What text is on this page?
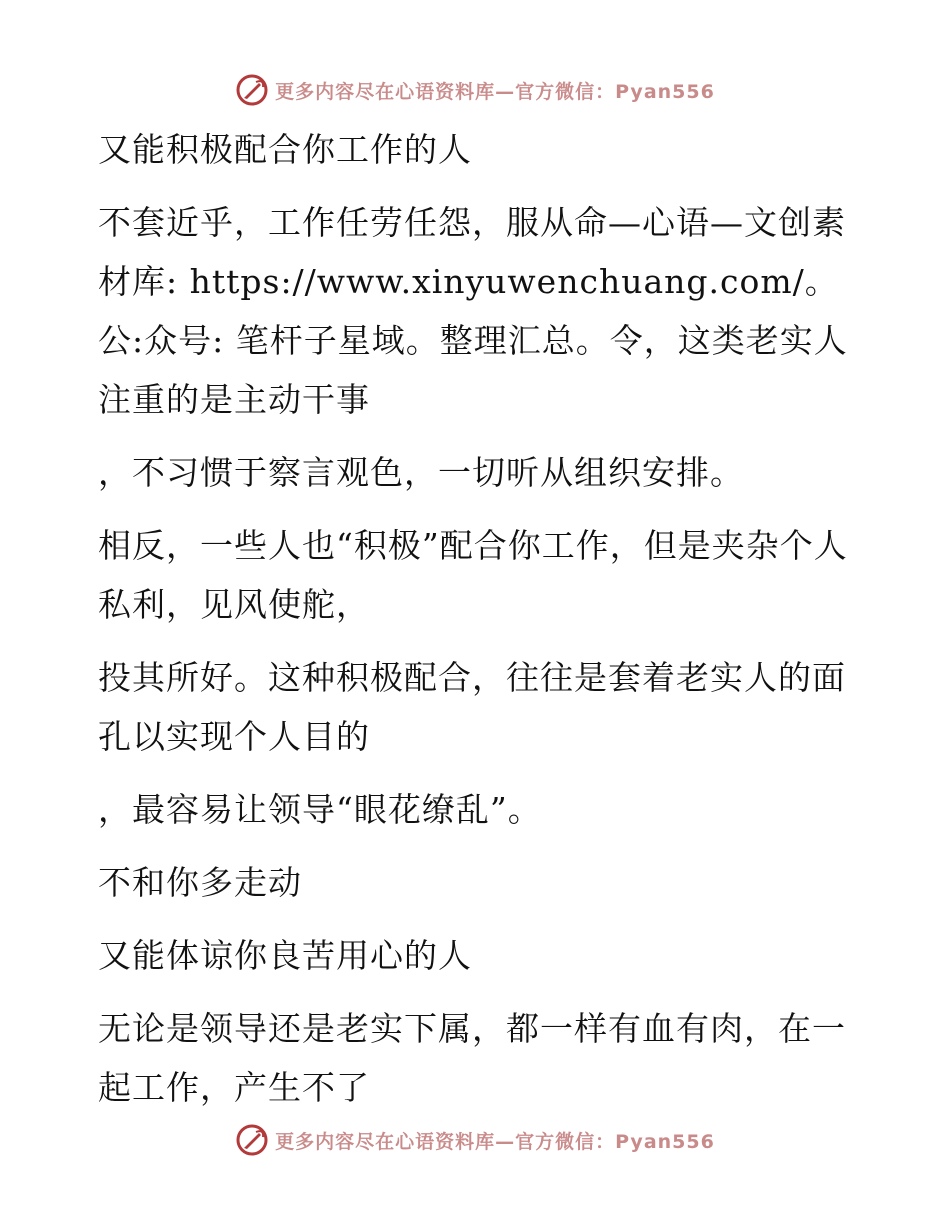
更多内容尽在心语资料库—官方微信：Pyan556

又能积极配合你工作的人

不套近乎，工作任劳任怨，服从命—心语—文创素材库: https://www.xinyuwenchuang.com/。公:众号: 笔杆子星域。整理汇总。令，这类老实人注重的是主动干事

，不习惯于察言观色，一切听从组织安排。

相反，一些人也“积极”配合你工作，但是夹杂个人私利，见风使舵，

投其所好。这种积极配合，往往是套着老实人的面孔以实现个人目的

，最容易让领导“眼花缭乱”。

不和你多走动

又能体谅你良苦用心的人

无论是领导还是老实下属，都一样有血有肉，在一起工作，产生不了

更多内容尽在心语资料库—官方微信：Pyan556
